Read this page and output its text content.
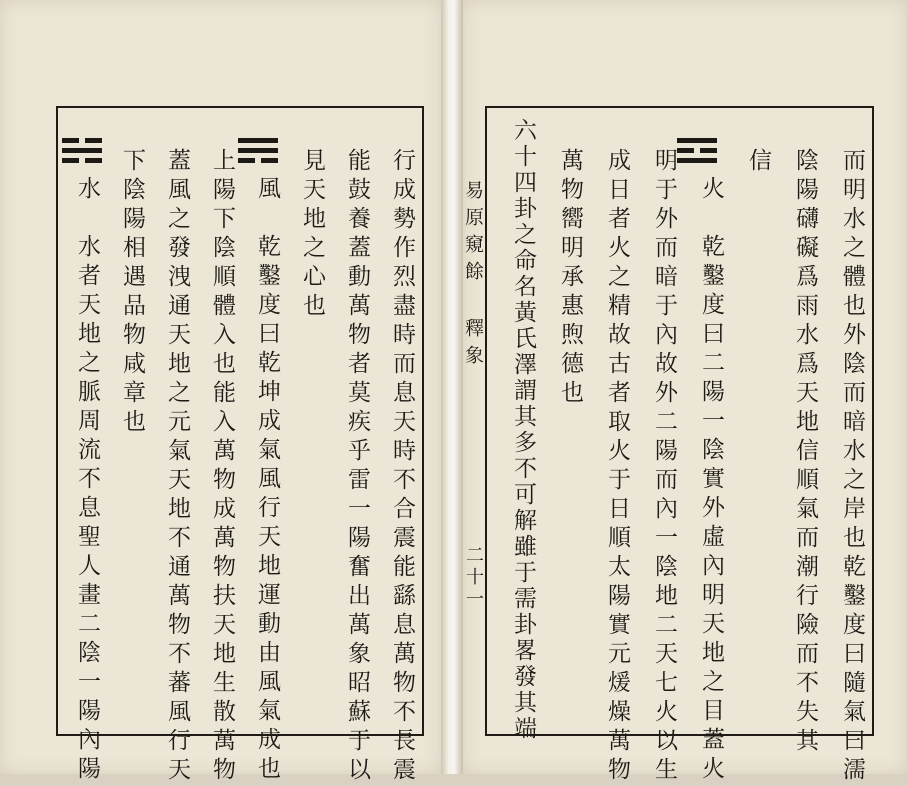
易原窺餘
釋象
二十一	而明水之體也外陰而暗水之岸也乾鑿度曰隨氣曰濡
陰陽礴礙爲雨水爲天地信順氣而潮行險而不失其
信
火　乾鑿度曰二陽一陰實外虛內明天地之目蓋火
明于外而暗于內故外二陽而內一陰地二天七火以生
成日者火之精故古者取火于日順太陽實元煖燥萬物
萬物嚮明承惠煦德也
六十四卦之命名黃氏澤謂其多不可解雖于需卦畧發其端
行成勢作烈盡時而息天時不合震能繇息萬物不長震
能鼓養蓋動萬物者莫疾乎雷一陽奮出萬象昭蘇于以
見天地之心也
風　乾鑿度曰乾坤成氣風行天地運動由風氣成也
上陽下陰順體入也能入萬物成萬物扶天地生散萬物
蓋風之發洩通天地之元氣天地不通萬物不蕃風行天
下陰陽相遇品物咸章也
水　水者天地之脈周流不息聖人畫二陰一陽內陽
